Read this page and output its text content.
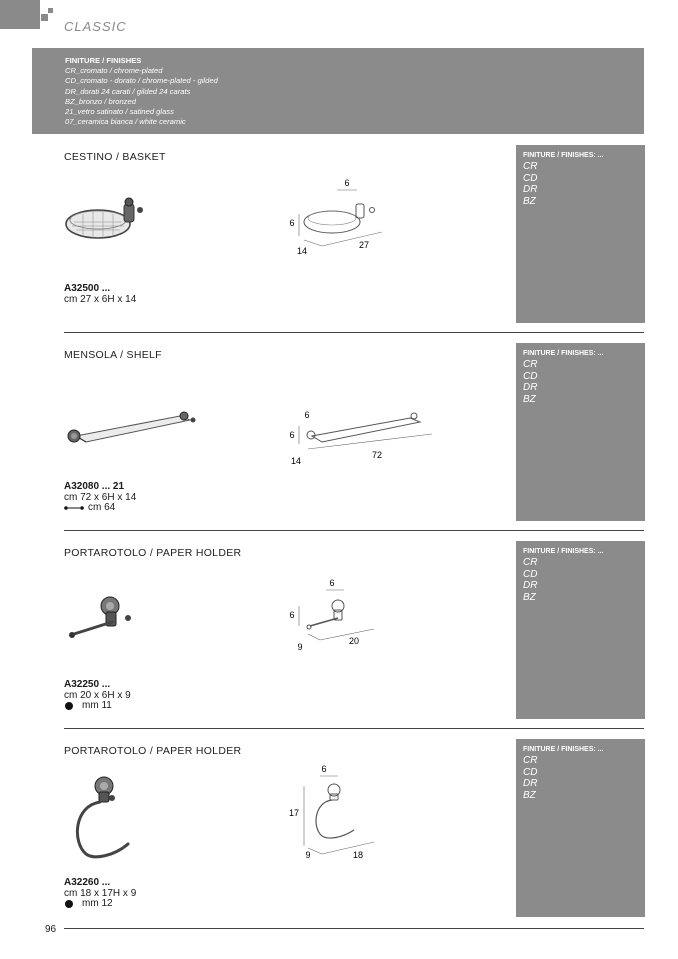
CLASSIC
FINITURE / FINISHES
CR_cromato / chrome-plated
CD_cromato - dorato / chrome-plated - gilded
DR_dorati 24 carati / gilded 24 carats
BZ_bronzo / bronzed
21_vetro satinato / satined glass
07_ceramica bianca / white ceramic
CESTINO / BASKET
6
6
14
27
A32500 ...
cm 27 x 6H x 14
FINITURE / FINISHES: ...
CR
CD
DR
BZ
MENSOLA / SHELF
6
6
14
72
A32080 ... 21
cm 72 x 6H x 14
cm 64
FINITURE / FINISHES: ...
CR
CD
DR
BZ
PORTAROTOLO / PAPER HOLDER
6
6
9
20
A32250 ...
cm 20 x 6H x 9
mm 11
FINITURE / FINISHES: ...
CR
CD
DR
BZ
PORTAROTOLO / PAPER HOLDER
6
17
9	18
A32260 ...
cm 18 x 17H x 9
mm 12
FINITURE / FINISHES: ...
CR
CD
DR
BZ
96
